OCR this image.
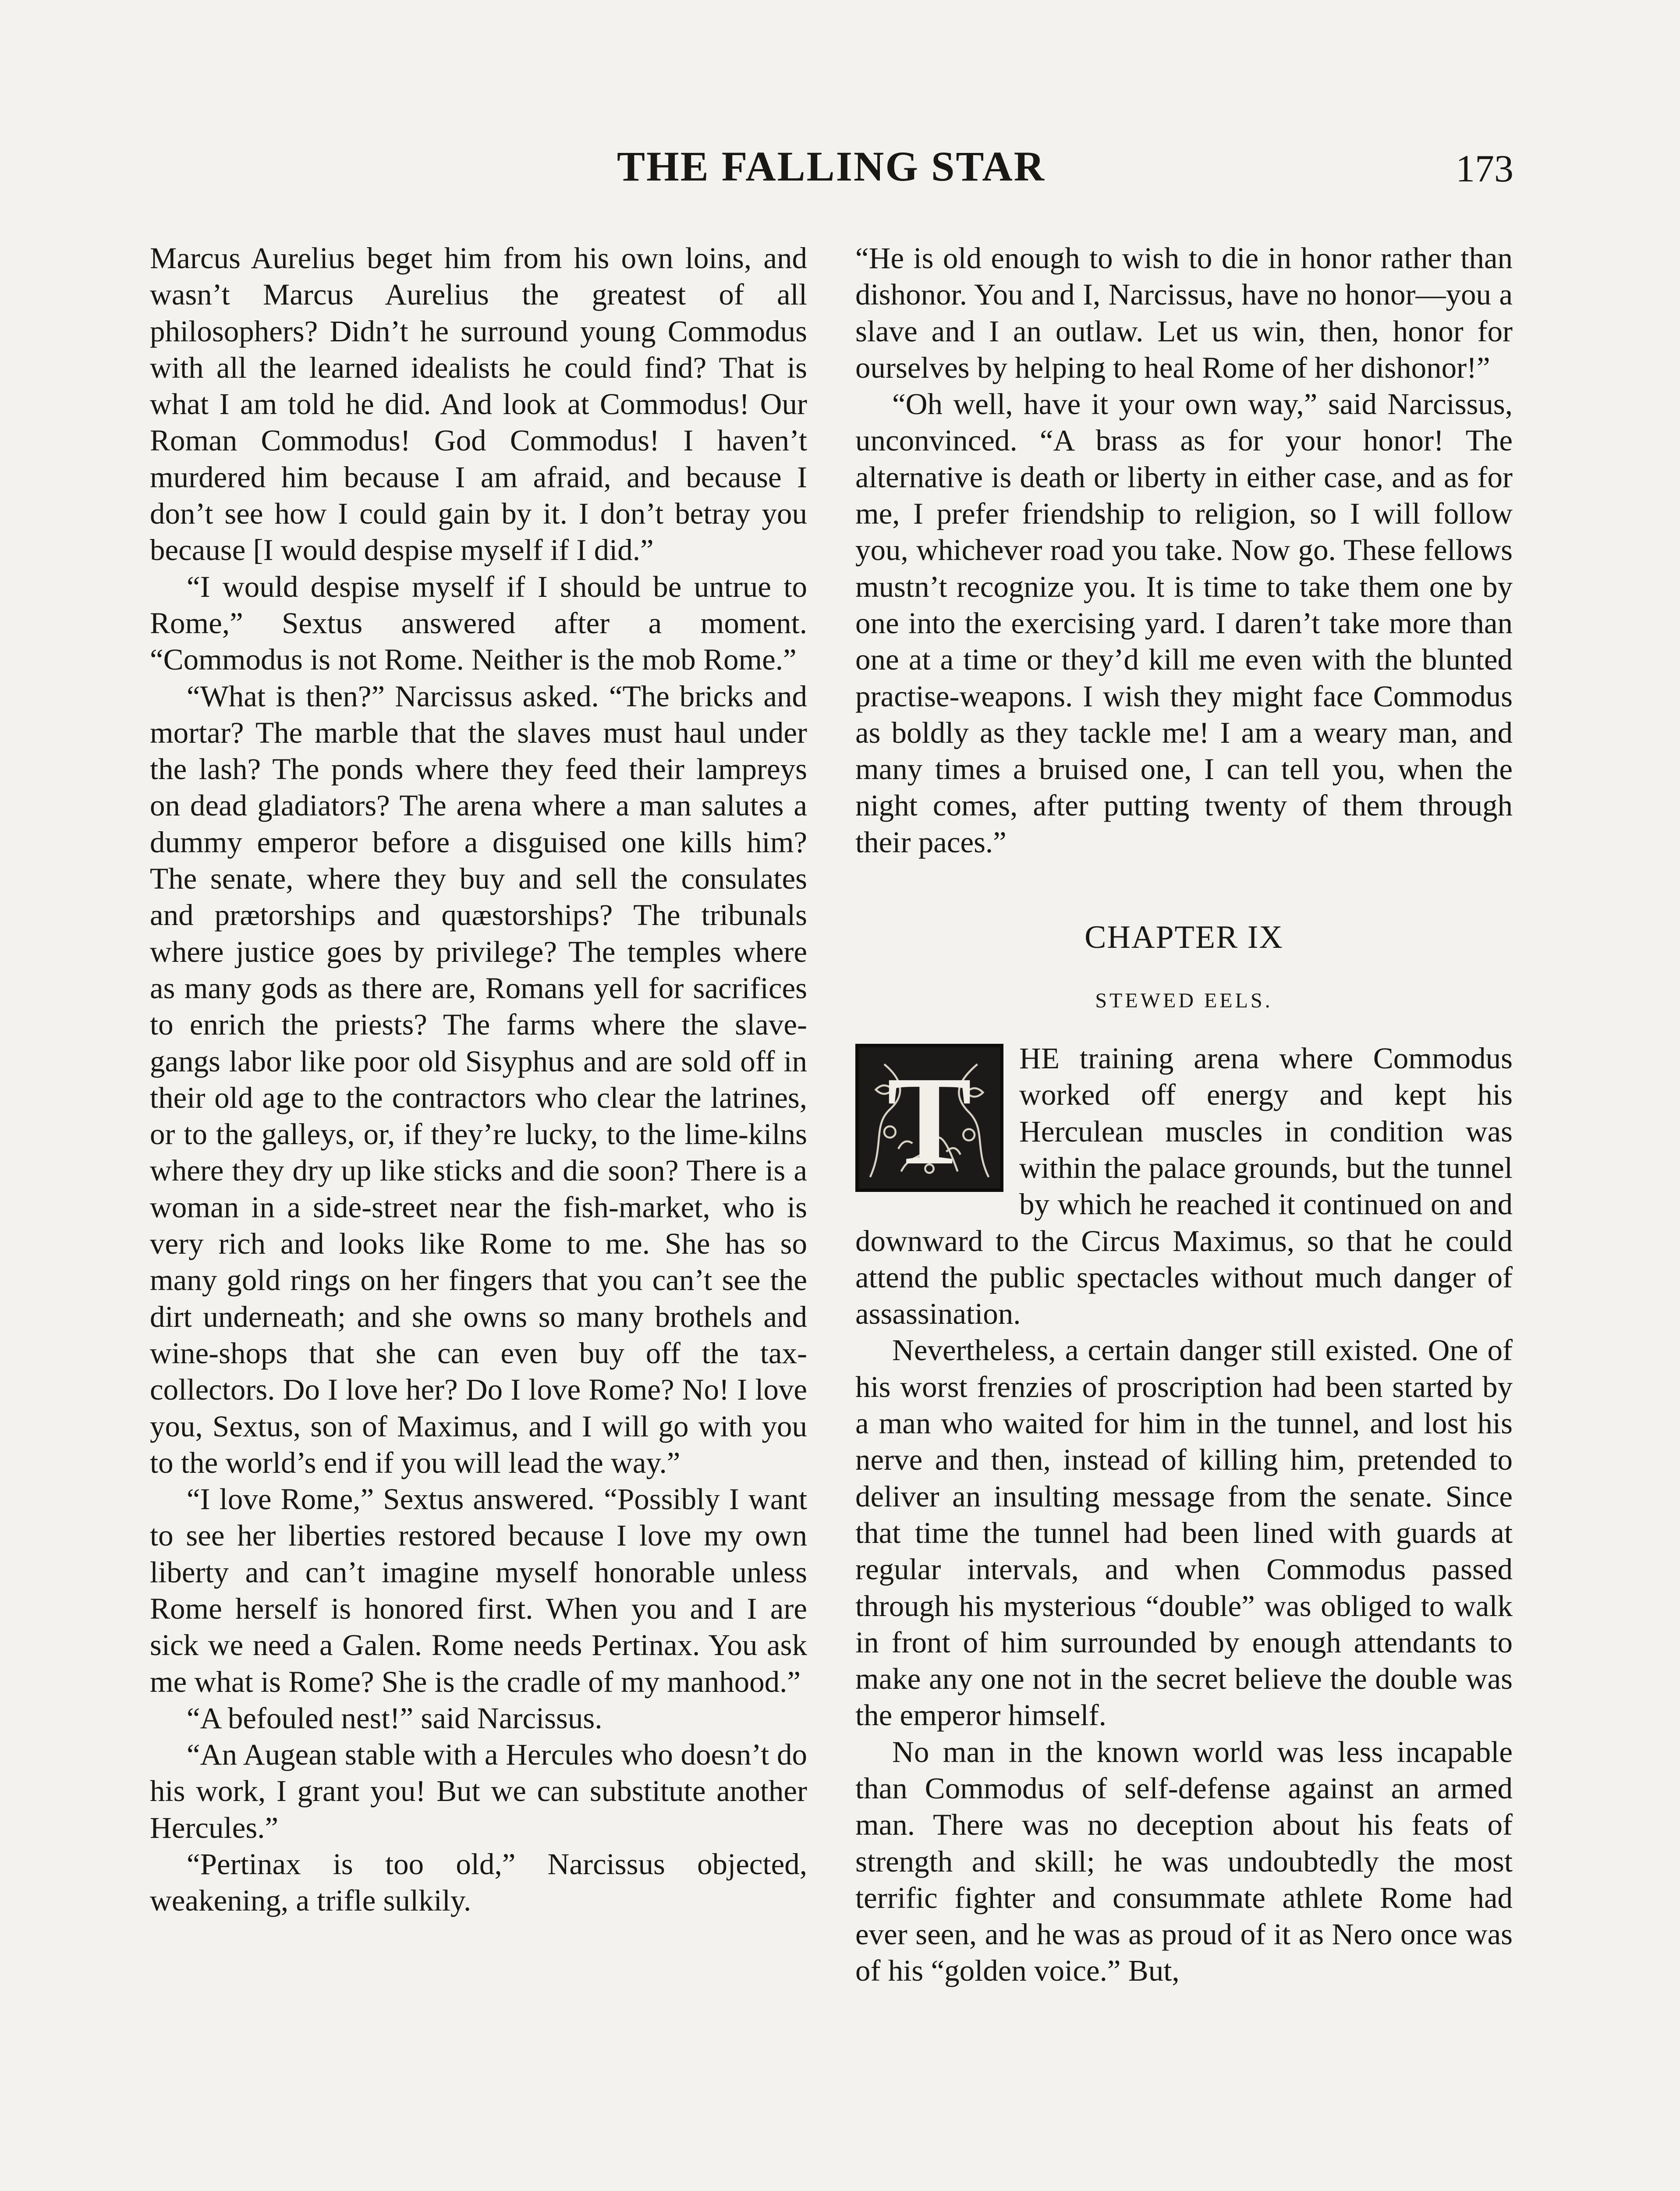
THE FALLING STAR	173

Marcus Aurelius beget him from his own loins, and wasn’t Marcus Aurelius the greatest of all philosophers? Didn’t he surround young Commodus with all the learned idealists he could find? That is what I am told he did. And look at Commodus! Our Roman Commodus! God Commodus! I haven’t murdered him because I am afraid, and because I don’t see how I could gain by it. I don’t betray you because [I would despise myself if I did.”

“I would despise myself if I should be untrue to Rome,” Sextus answered after a moment. “Commodus is not Rome. Neither is the mob Rome.”

“What is then?” Narcissus asked. “The bricks and mortar? The marble that the slaves must haul under the lash? The ponds where they feed their lampreys on dead gladiators? The arena where a man salutes a dummy emperor before a disguised one kills him? The senate, where they buy and sell the consulates and prætorships and quæstorships? The tribunals where justice goes by privilege? The temples where as many gods as there are, Romans yell for sacrifices to enrich the priests? The farms where the slave-gangs labor like poor old Sisyphus and are sold off in their old age to the contractors who clear the latrines, or to the galleys, or, if they’re lucky, to the lime-kilns where they dry up like sticks and die soon? There is a woman in a side-street near the fish-market, who is very rich and looks like Rome to me. She has so many gold rings on her fingers that you can’t see the dirt underneath; and she owns so many brothels and wine-shops that she can even buy off the tax-collectors. Do I love her? Do I love Rome? No! I love you, Sextus, son of Maximus, and I will go with you to the world’s end if you will lead the way.”

“I love Rome,” Sextus answered. “Possibly I want to see her liberties restored because I love my own liberty and can’t imagine myself honorable unless Rome herself is honored first. When you and I are sick we need a Galen. Rome needs Pertinax. You ask me what is Rome? She is the cradle of my manhood.”

“A befouled nest!” said Narcissus.

“An Augean stable with a Hercules who doesn’t do his work, I grant you! But we can substitute another Hercules.”

“Pertinax is too old,” Narcissus objected, weakening, a trifle sulkily.

“He is old enough to wish to die in honor rather than dishonor. You and I, Narcissus, have no honor—you a slave and I an outlaw. Let us win, then, honor for ourselves by helping to heal Rome of her dishonor!”

“Oh well, have it your own way,” said Narcissus, unconvinced. “A brass as for your honor! The alternative is death or liberty in either case, and as for me, I prefer friendship to religion, so I will follow you, whichever road you take. Now go. These fellows mustn’t recognize you. It is time to take them one by one into the exercising yard. I daren’t take more than one at a time or they’d kill me even with the blunted practise-weapons. I wish they might face Commodus as boldly as they tackle me! I am a weary man, and many times a bruised one, I can tell you, when the night comes, after putting twenty of them through their paces.”

CHAPTER IX
STEWED EELS.
T	HE training arena where Commodus worked off energy and kept his Herculean muscles in condition was within the palace grounds, but the tunnel by which he reached it continued on and downward to the Circus Maximus, so that he could attend the public spectacles without much danger of assassination.

Nevertheless, a certain danger still existed. One of his worst frenzies of proscription had been started by a man who waited for him in the tunnel, and lost his nerve and then, instead of killing him, pretended to deliver an insulting message from the senate. Since that time the tunnel had been lined with guards at regular intervals, and when Commodus passed through his mysterious “double” was obliged to walk in front of him surrounded by enough attendants to make any one not in the secret believe the double was the emperor himself.

No man in the known world was less incapable than Commodus of self-defense against an armed man. There was no deception about his feats of strength and skill; he was undoubtedly the most terrific fighter and consummate athlete Rome had ever seen, and he was as proud of it as Nero once was of his “golden voice.” But,
